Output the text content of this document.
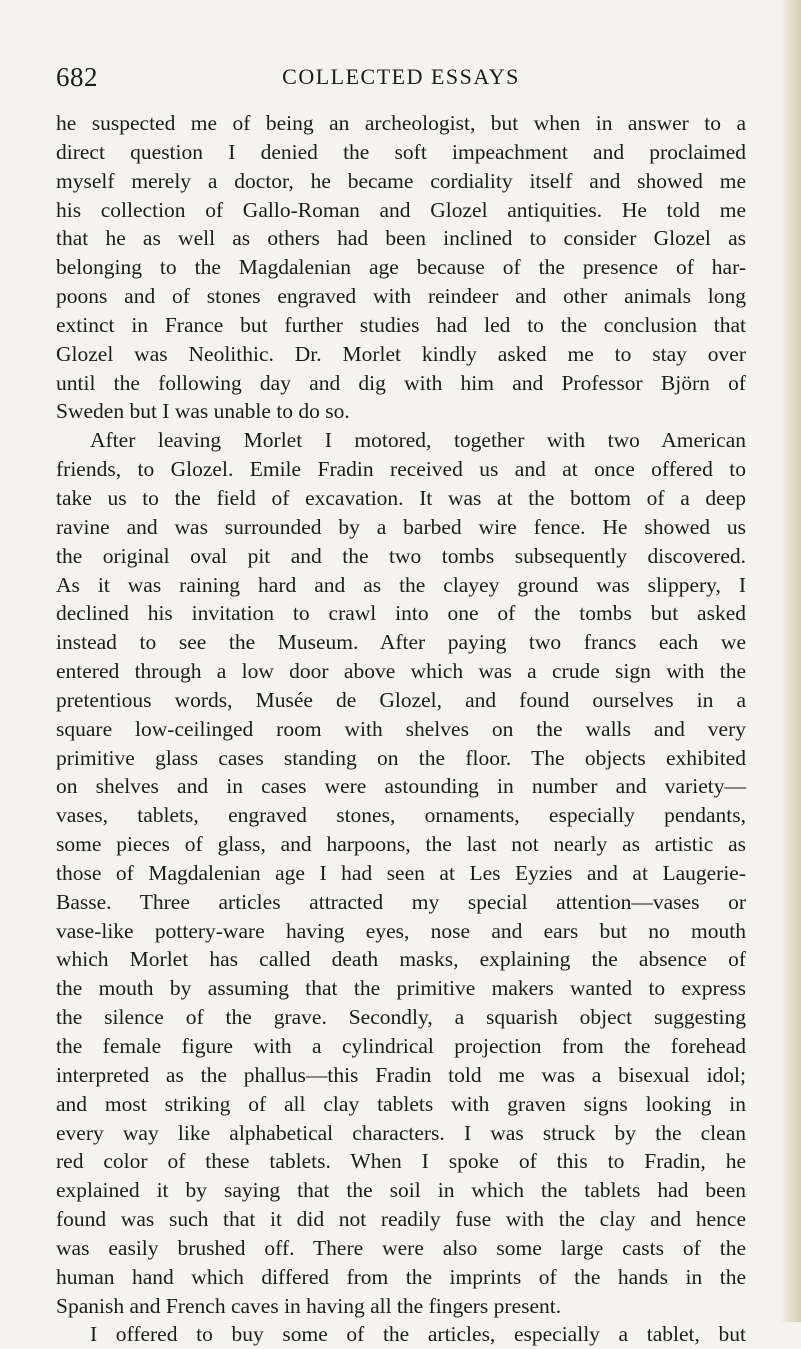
682	COLLECTED ESSAYS
he suspected me of being an archeologist, but when in answer to a
direct question I denied the soft impeachment and proclaimed
myself merely a doctor, he became cordiality itself and showed me
his collection of Gallo-Roman and Glozel antiquities. He told me
that he as well as others had been inclined to consider Glozel as
belonging to the Magdalenian age because of the presence of har-
poons and of stones engraved with reindeer and other animals long
extinct in France but further studies had led to the conclusion that
Glozel was Neolithic. Dr. Morlet kindly asked me to stay over
until the following day and dig with him and Professor Björn of
Sweden but I was unable to do so.
After leaving Morlet I motored, together with two American
friends, to Glozel. Emile Fradin received us and at once offered to
take us to the field of excavation. It was at the bottom of a deep
ravine and was surrounded by a barbed wire fence. He showed us
the original oval pit and the two tombs subsequently discovered.
As it was raining hard and as the clayey ground was slippery, I
declined his invitation to crawl into one of the tombs but asked
instead to see the Museum. After paying two francs each we
entered through a low door above which was a crude sign with the
pretentious words, Musée de Glozel, and found ourselves in a
square low-ceilinged room with shelves on the walls and very
primitive glass cases standing on the floor. The objects exhibited
on shelves and in cases were astounding in number and variety—
vases, tablets, engraved stones, ornaments, especially pendants,
some pieces of glass, and harpoons, the last not nearly as artistic as
those of Magdalenian age I had seen at Les Eyzies and at Laugerie-
Basse. Three articles attracted my special attention—vases or
vase-like pottery-ware having eyes, nose and ears but no mouth
which Morlet has called death masks, explaining the absence of
the mouth by assuming that the primitive makers wanted to express
the silence of the grave. Secondly, a squarish object suggesting
the female figure with a cylindrical projection from the forehead
interpreted as the phallus—this Fradin told me was a bisexual idol;
and most striking of all clay tablets with graven signs looking in
every way like alphabetical characters. I was struck by the clean
red color of these tablets. When I spoke of this to Fradin, he
explained it by saying that the soil in which the tablets had been
found was such that it did not readily fuse with the clay and hence
was easily brushed off. There were also some large casts of the
human hand which differed from the imprints of the hands in the
Spanish and French caves in having all the fingers present.
I offered to buy some of the articles, especially a tablet, but
